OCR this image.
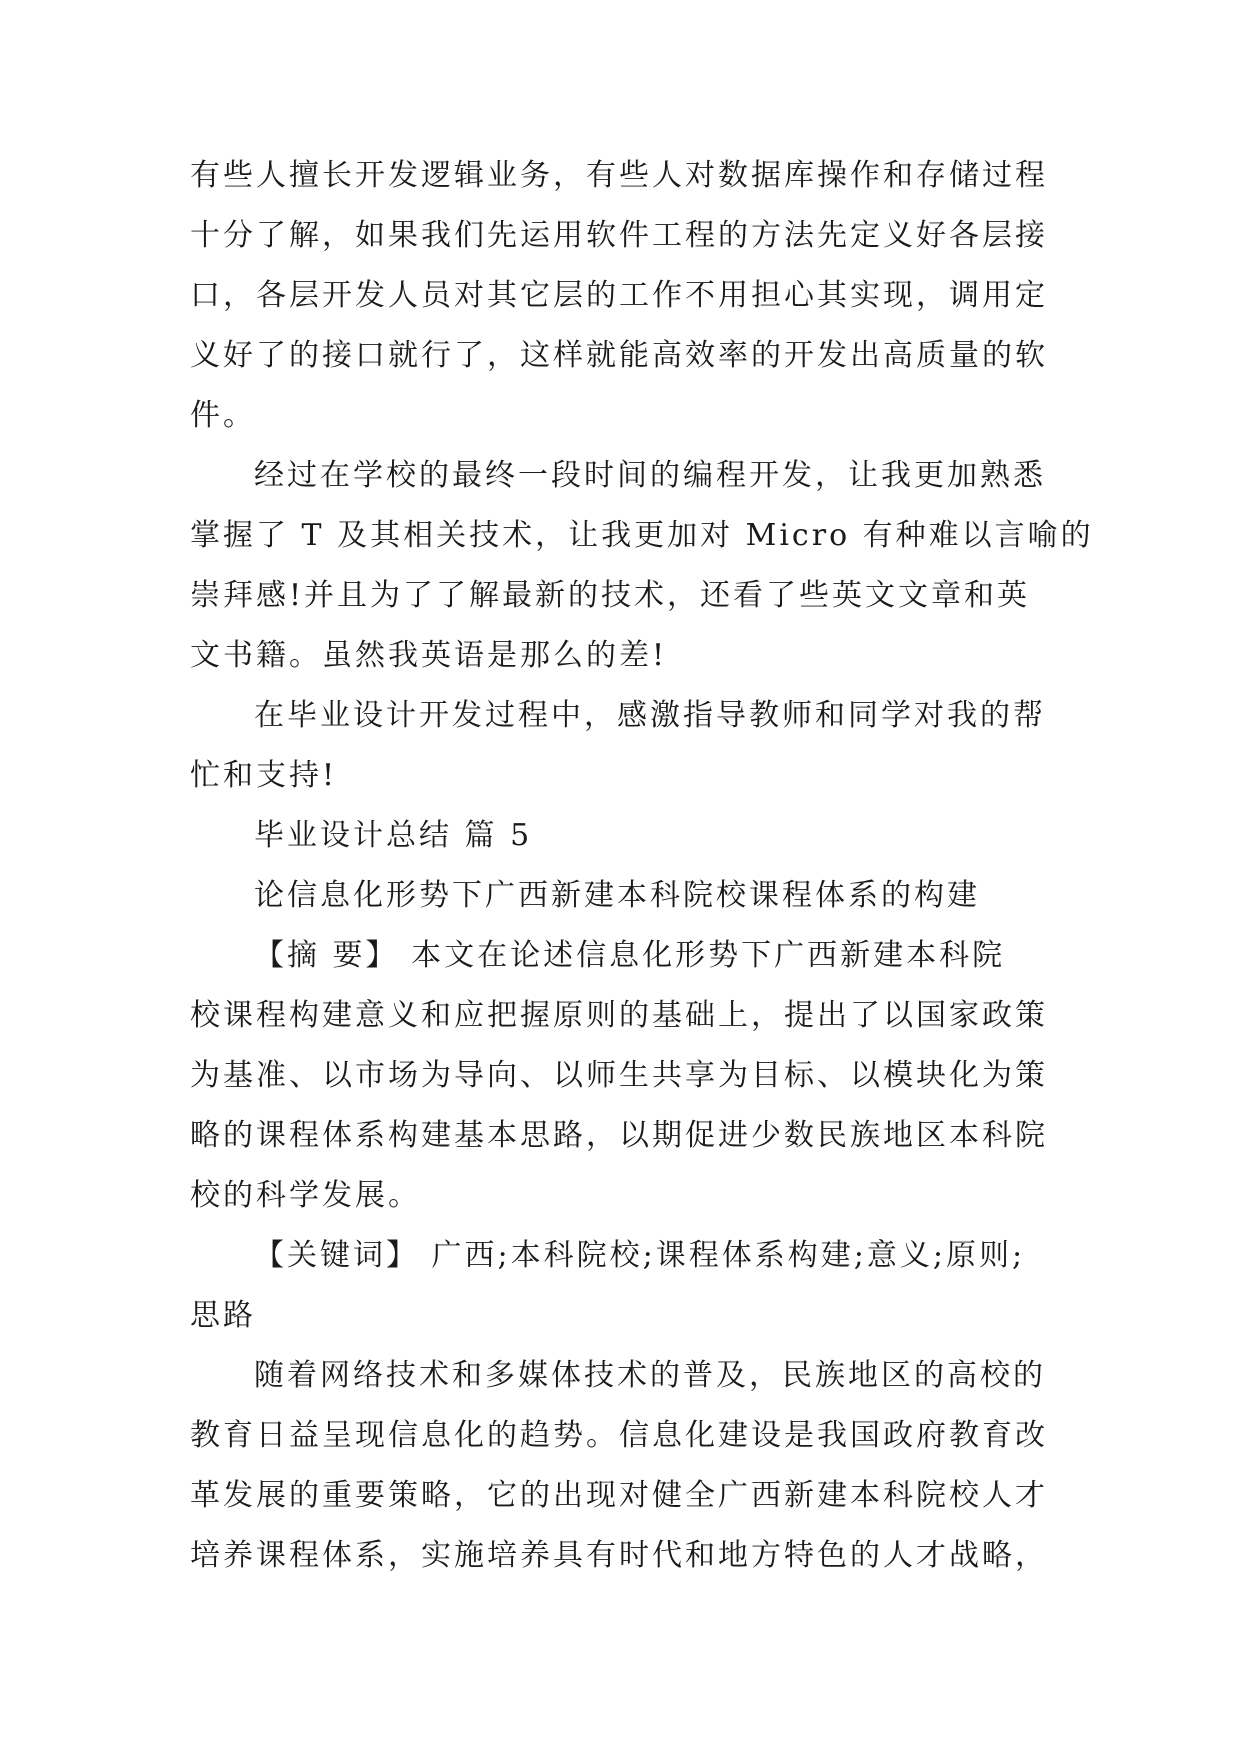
有些人擅长开发逻辑业务，有些人对数据库操作和存储过程
十分了解，如果我们先运用软件工程的方法先定义好各层接
口，各层开发人员对其它层的工作不用担心其实现，调用定
义好了的接口就行了，这样就能高效率的开发出高质量的软
件。
经过在学校的最终一段时间的编程开发，让我更加熟悉
掌握了 T 及其相关技术，让我更加对 Micro 有种难以言喻的
崇拜感!并且为了了解最新的技术，还看了些英文文章和英
文书籍。虽然我英语是那么的差!
在毕业设计开发过程中，感激指导教师和同学对我的帮
忙和支持!
毕业设计总结 篇 5
论信息化形势下广西新建本科院校课程体系的构建
【摘 要】 本文在论述信息化形势下广西新建本科院
校课程构建意义和应把握原则的基础上，提出了以国家政策
为基准、以市场为导向、以师生共享为目标、以模块化为策
略的课程体系构建基本思路，以期促进少数民族地区本科院
校的科学发展。
【关键词】 广西;本科院校;课程体系构建;意义;原则;
思路
随着网络技术和多媒体技术的普及，民族地区的高校的
教育日益呈现信息化的趋势。信息化建设是我国政府教育改
革发展的重要策略，它的出现对健全广西新建本科院校人才
培养课程体系，实施培养具有时代和地方特色的人才战略，
